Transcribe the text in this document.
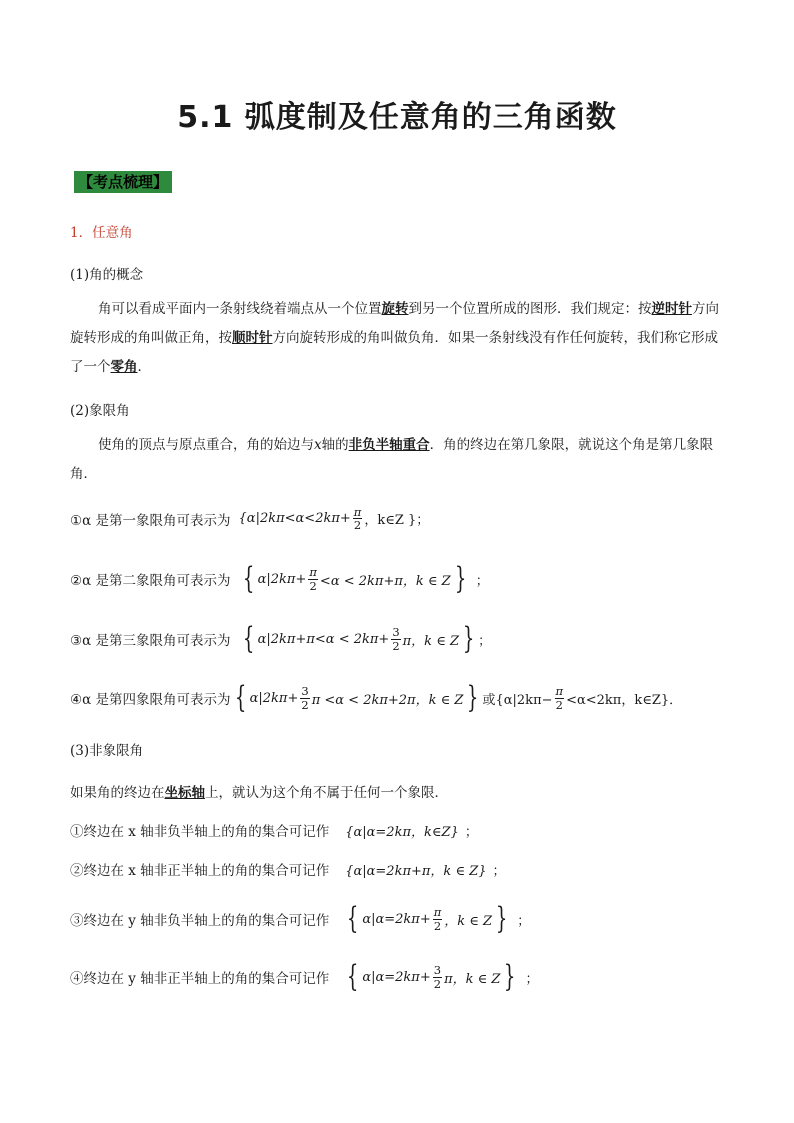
5.1 弧度制及任意角的三角函数
【考点梳理】
1．任意角
(1)角的概念
角可以看成平面内一条射线绕着端点从一个位置旋转到另一个位置所成的图形．我们规定：按逆时针方向旋转形成的角叫做正角，按顺时针方向旋转形成的角叫做负角．如果一条射线没有作任何旋转，我们称它形成了一个零角．
(2)象限角
使角的顶点与原点重合，角的始边与x轴的非负半轴重合．角的终边在第几象限，就说这个角是第几象限角．
①α 是第一象限角可表示为 {$\alpha|2k\pi<\alpha<2k\pi+ \frac{\pi}{2}$ ，k∈Z }；
②α 是第二象限角可表示为 { $\alpha|2k\pi+ \frac{\pi}{2} <\alpha < 2k\pi+\pi$，k ∈ Z } ；
③α 是第三象限角可表示为 { $\alpha|2k\pi+\pi<\alpha < 2k\pi+ \frac{3}{2}$ π，k ∈ Z } ；
④α 是第四象限角可表示为 { $\alpha|2k\pi+ \frac{3}{2}$ π <α < 2kπ+2π，k ∈ Z } 或{$\alpha|2k\pi- \frac{\pi}{2} <\alpha<2k\pi$，k∈Z}．
(3)非象限角
如果角的终边在坐标轴上，就认为这个角不属于任何一个象限．
①终边在 x 轴非负半轴上的角的集合可记作 {α|α=2kπ，k∈Z} ；
②终边在 x 轴非正半轴上的角的集合可记作 {α|α=2kπ+π，k ∈ Z} ；
③终边在 y 轴非负半轴上的角的集合可记作 { $\alpha|\alpha=2k\pi+ \frac{\pi}{2}$ ，k ∈ Z } ；
④终边在 y 轴非正半轴上的角的集合可记作 { $\alpha|\alpha=2k\pi+ \frac{3}{2}$ π，k ∈ Z } ；
